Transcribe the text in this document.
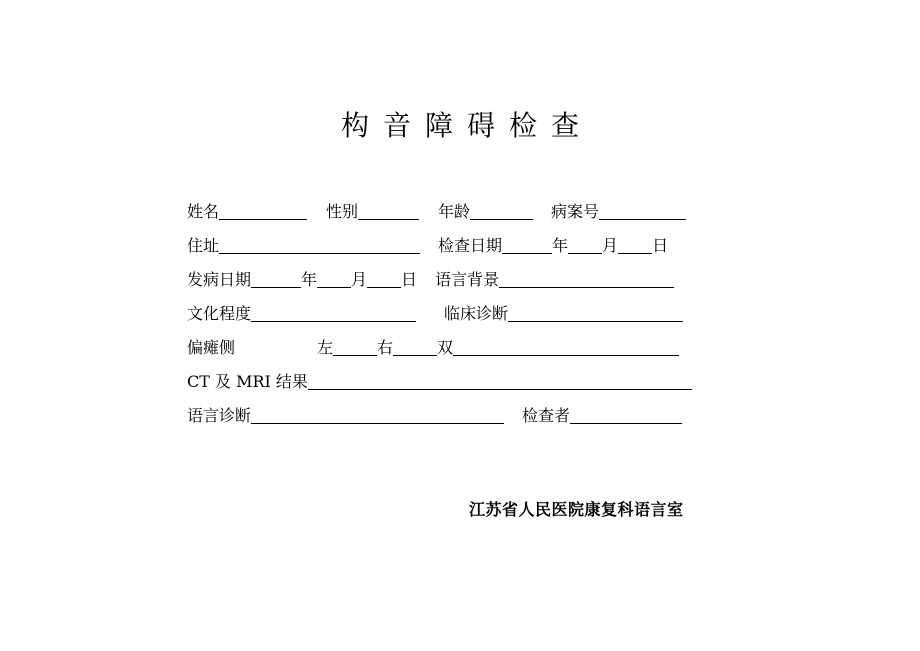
构音障碍检查
姓名	性别	年龄	病案号
住址	检查日期	年 月 日
发病日期	年 月 日 语言背景
文化程度	临床诊断
偏瘫侧	左	右	双
CT 及 MRI 结果
语言诊断	检查者
江苏省人民医院康复科语言室
